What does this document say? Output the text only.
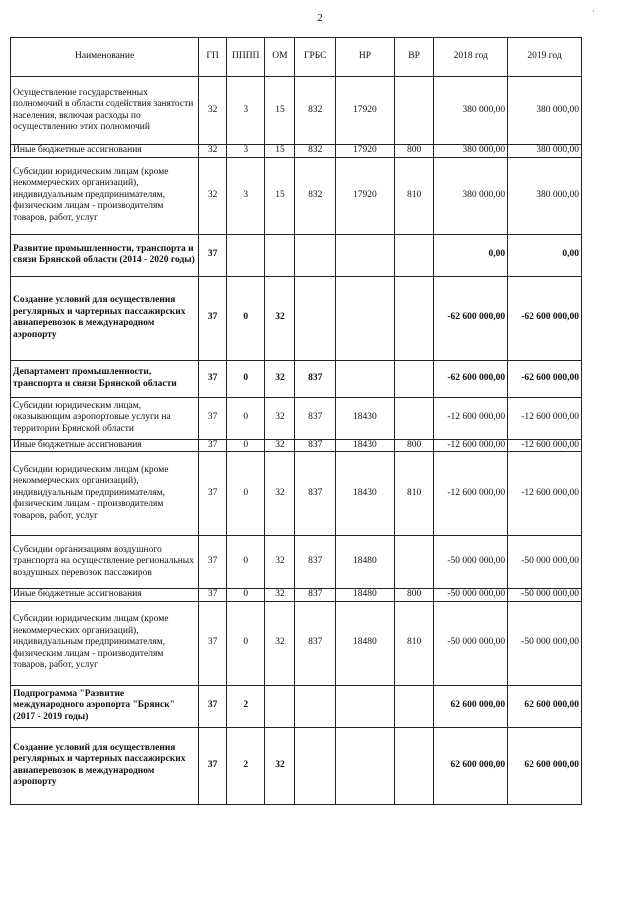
2
·
Наименование	ГП	ПППП	ОМ	ГРБС	НР	ВР	2018 год	2019 год
Осуществление государственных полномочий в области содействия занятости населения, включая расходы по осуществлению этих полномочий	32	3	15	832	17920		380 000,00	380 000,00
Иные бюджетные ассигнования	32	3	15	832	17920	800	380 000,00	380 000,00
Субсидии юридическим лицам (кроме некоммерческих организаций), индивидуальным предпринимателям, физическим лицам - производителям товаров, работ, услуг	32	3	15	832	17920	810	380 000,00	380 000,00
Развитие промышленности, транспорта и связи Брянской области (2014 - 2020 годы)	37						0,00	0,00
Создание условий для осуществления регулярных и чартерных пассажирских авиаперевозок в международном аэропорту	37	0	32				-62 600 000,00	-62 600 000,00
Департамент промышленности, транспорта и связи Брянской области	37	0	32	837			-62 600 000,00	-62 600 000,00
Субсидии юридическим лицам, оказывающим аэропортовые услуги на территории Брянской области	37	0	32	837	18430		-12 600 000,00	-12 600 000,00
Иные бюджетные ассигнования	37	0	32	837	18430	800	-12 600 000,00	-12 600 000,00
Субсидии юридическим лицам (кроме некоммерческих организаций), индивидуальным предпринимателям, физическим лицам - производителям товаров, работ, услуг	37	0	32	837	18430	810	-12 600 000,00	-12 600 000,00
Субсидии организациям воздушного транспорта на осуществление региональных воздушных перевозок пассажиров	37	0	32	837	18480		-50 000 000,00	-50 000 000,00
Иные бюджетные ассигнования	37	0	32	837	18480	800	-50 000 000,00	-50 000 000,00
Субсидии юридическим лицам (кроме некоммерческих организаций), индивидуальным предпринимателям, физическим лицам - производителям товаров, работ, услуг	37	0	32	837	18480	810	-50 000 000,00	-50 000 000,00
Подпрограмма "Развитие международного аэропорта "Брянск" (2017 - 2019 годы)	37	2					62 600 000,00	62 600 000,00
Создание условий для осуществления регулярных и чартерных пассажирских авиаперевозок в международном аэропорту	37	2	32				62 600 000,00	62 600 000,00
